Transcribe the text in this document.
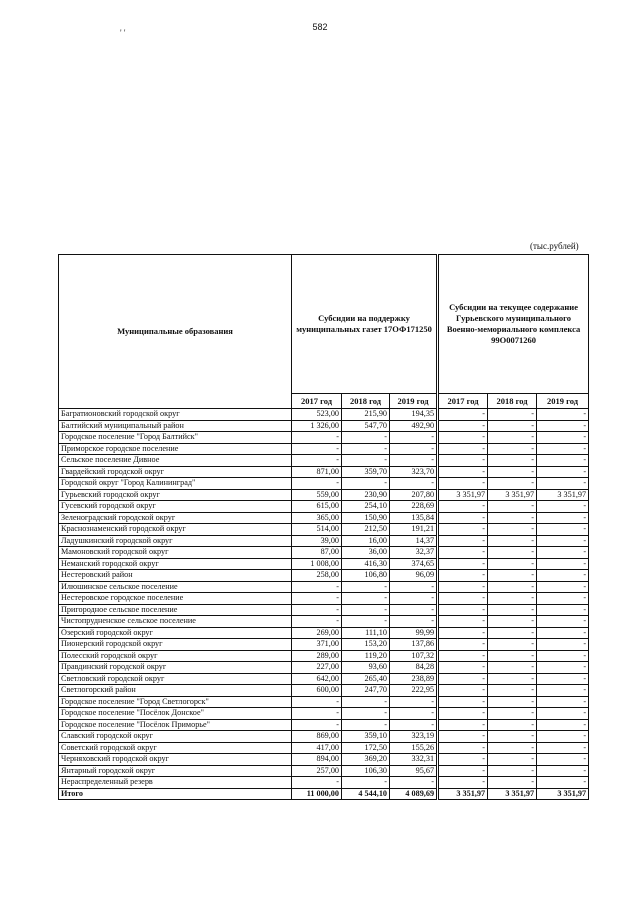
582
' '
(тыс.рублей)
Муниципальные образования	Субсидии на поддержку муниципальных газет 17ОФ171250			Субсидии на текущее содержание Гурьевского муниципального Военно-мемориального комплекса 99О0071260		
	2017 год	2018 год	2019 год	2017 год	2018 год	2019 год
Багратионовский городской округ	523,00	215,90	194,35	-	-	-
Балтийский муниципальный район	1 326,00	547,70	492,90	-	-	-
Городское поселение "Город Балтийск"	-	-	-	-	-	-
Приморское городское поселение	-	-	-	-	-	-
Сельское поселение Дивное	-	-	-	-	-	-
Гвардейский городской округ	871,00	359,70	323,70	-	-	-
Городской округ "Город Калининград"	-	-	-	-	-	-
Гурьевский городской округ	559,00	230,90	207,80	3 351,97	3 351,97	3 351,97
Гусевский городской округ	615,00	254,10	228,69	-	-	-
Зеленоградский городской округ	365,00	150,90	135,84	-	-	-
Краснознаменский городской округ	514,00	212,50	191,21	-	-	-
Ладушкинский городской округ	39,00	16,00	14,37	-	-	-
Мамоновский городской округ	87,00	36,00	32,37	-	-	-
Неманский городской округ	1 008,00	416,30	374,65	-	-	-
Нестеровский район	258,00	106,80	96,09	-	-	-
Илюшинское сельское поселение	-	-	-	-	-	-
Нестеровское городское поселение	-	-	-	-	-	-
Пригородное сельское поселение	-	-	-	-	-	-
Чистопрудненское сельское поселение	-	-	-	-	-	-
Озерский городской округ	269,00	111,10	99,99	-	-	-
Пионерский городской округ	371,00	153,20	137,86	-	-	-
Полесский городской округ	289,00	119,20	107,32	-	-	-
Правдинский городской округ	227,00	93,60	84,28	-	-	-
Светловский городской округ	642,00	265,40	238,89	-	-	-
Светлогорский район	600,00	247,70	222,95	-	-	-
Городское поселение "Город Светлогорск"	-	-	-	-	-	-
Городское поселение "Посёлок Донское"	-	-	-	-	-	-
Городское поселение "Посёлок Приморье"	-	-	-	-	-	-
Славский городской округ	869,00	359,10	323,19	-	-	-
Советский городской округ	417,00	172,50	155,26	-	-	-
Черняховский городской округ	894,00	369,20	332,31	-	-	-
Янтарный городской округ	257,00	106,30	95,67	-	-	-
Нераспределенный резерв	-	-	-	-	-	-
Итого	11 000,00	4 544,10	4 089,69	3 351,97	3 351,97	3 351,97
